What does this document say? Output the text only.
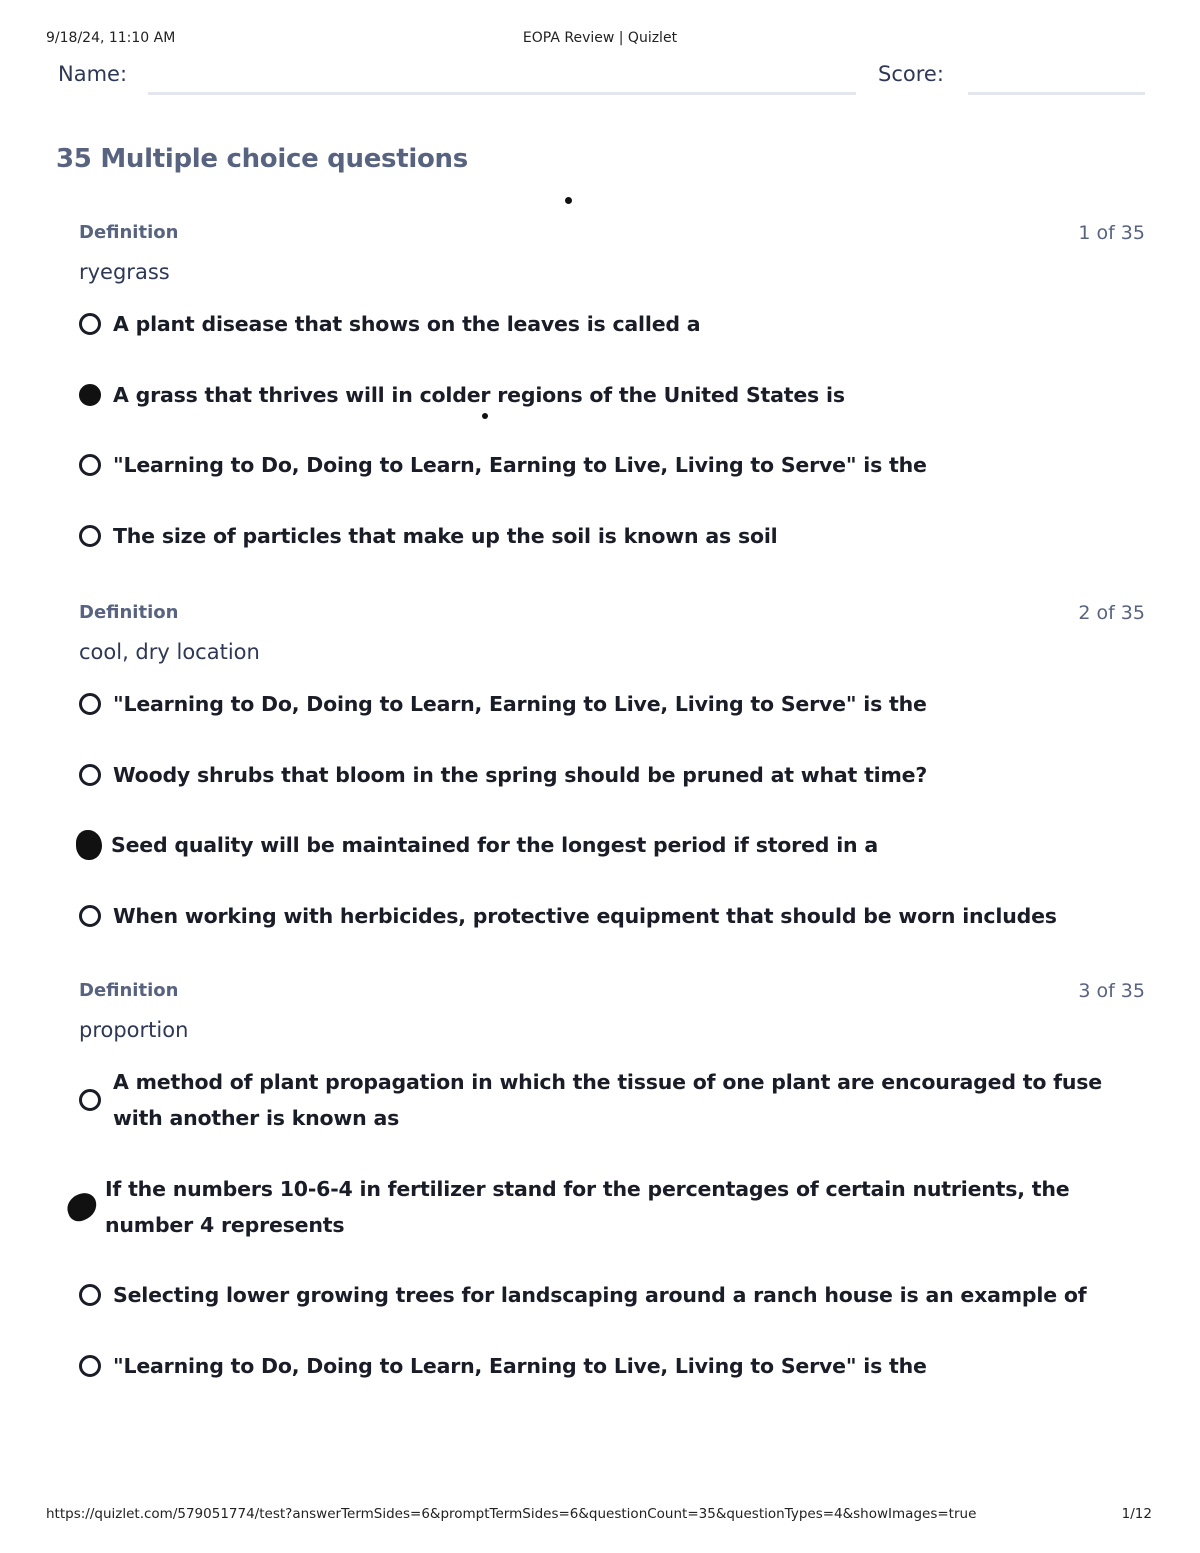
9/18/24, 11:10 AM	EOPA Review | Quizlet
Name:	Score:
35 Multiple choice questions
Definition	1 of 35
ryegrass
A plant disease that shows on the leaves is called a
A grass that thrives will in colder regions of the United States is
"Learning to Do, Doing to Learn, Earning to Live, Living to Serve" is the
The size of particles that make up the soil is known as soil
Definition	2 of 35
cool, dry location
"Learning to Do, Doing to Learn, Earning to Live, Living to Serve" is the
Woody shrubs that bloom in the spring should be pruned at what time?
Seed quality will be maintained for the longest period if stored in a
When working with herbicides, protective equipment that should be worn includes
Definition	3 of 35
proportion
A method of plant propagation in which the tissue of one plant are encouraged to fuse with another is known as
If the numbers 10-6-4 in fertilizer stand for the percentages of certain nutrients, the number 4 represents
Selecting lower growing trees for landscaping around a ranch house is an example of
"Learning to Do, Doing to Learn, Earning to Live, Living to Serve" is the
https://quizlet.com/579051774/test?answerTermSides=6&promptTermSides=6&questionCount=35&questionTypes=4&showImages=true	1/12
